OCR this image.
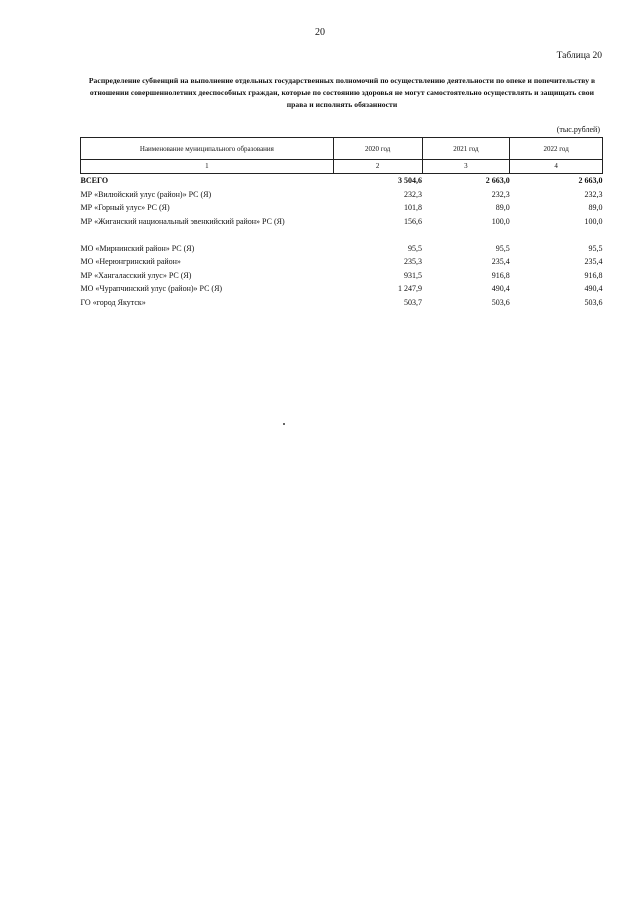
20
Таблица 20
Распределение субвенций на выполнение отдельных государственных полномочий по осуществлению деятельности по опеке и попечительству в отношении совершеннолетних дееспособных граждан, которые по состоянию здоровья не могут самостоятельно осуществлять и защищать свои права и исполнять обязанности
(тыс.рублей)
Наименование муниципального образования	2020 год	2021 год	2022 год
1	2	3	4
ВСЕГО	3 504,6	2 663,0	2 663,0
МР «Вилюйский улус (район)» РС (Я)	232,3	232,3	232,3
МР «Горный улус» РС (Я)	101,8	89,0	89,0
МР «Жиганский национальный эвенкийский район» РС (Я)	156,6	100,0	100,0

МО «Мирнинский район» РС (Я)	95,5	95,5	95,5
МО «Нерюнгринский район»	235,3	235,4	235,4
МР «Хангаласский улус» РС (Я)	931,5	916,8	916,8
МО «Чурапчинский улус (район)» РС (Я)	1 247,9	490,4	490,4
ГО «город Якутск»	503,7	503,6	503,6
